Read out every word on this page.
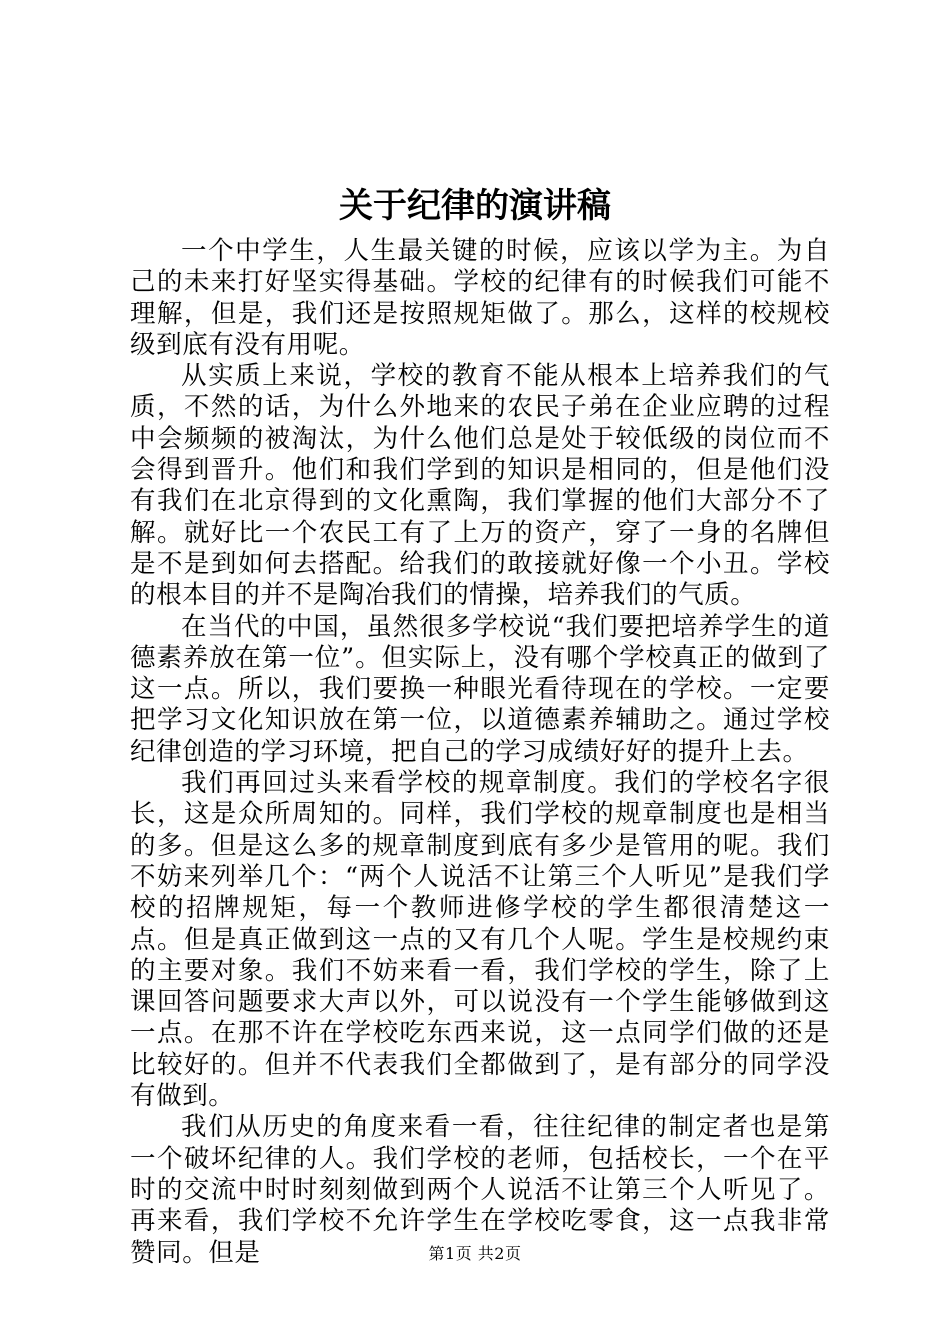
关于纪律的演讲稿

一个中学生，人生最关键的时候，应该以学为主。为自己的未来打好坚实得基础。学校的纪律有的时候我们可能不理解，但是，我们还是按照规矩做了。那么，这样的校规校级到底有没有用呢。

从实质上来说，学校的教育不能从根本上培养我们的气质，不然的话，为什么外地来的农民子弟在企业应聘的过程中会频频的被淘汰，为什么他们总是处于较低级的岗位而不会得到晋升。他们和我们学到的知识是相同的，但是他们没有我们在北京得到的文化熏陶，我们掌握的他们大部分不了解。就好比一个农民工有了上万的资产，穿了一身的名牌但是不是到如何去搭配。给我们的敢接就好像一个小丑。学校的根本目的并不是陶冶我们的情操，培养我们的气质。

在当代的中国，虽然很多学校说“我们要把培养学生的道德素养放在第一位”。但实际上，没有哪个学校真正的做到了这一点。所以，我们要换一种眼光看待现在的学校。一定要把学习文化知识放在第一位，以道德素养辅助之。通过学校纪律创造的学习环境，把自己的学习成绩好好的提升上去。

我们再回过头来看学校的规章制度。我们的学校名字很长，这是众所周知的。同样，我们学校的规章制度也是相当的多。但是这么多的规章制度到底有多少是管用的呢。我们不妨来列举几个：“两个人说活不让第三个人听见”是我们学校的招牌规矩，每一个教师进修学校的学生都很清楚这一点。但是真正做到这一点的又有几个人呢。学生是校规约束的主要对象。我们不妨来看一看，我们学校的学生，除了上课回答问题要求大声以外，可以说没有一个学生能够做到这一点。在那不许在学校吃东西来说，这一点同学们做的还是比较好的。但并不代表我们全都做到了，是有部分的同学没有做到。

我们从历史的角度来看一看，往往纪律的制定者也是第一个破坏纪律的人。我们学校的老师，包括校长，一个在平时的交流中时时刻刻做到两个人说活不让第三个人听见了。再来看，我们学校不允许学生在学校吃零食，这一点我非常赞同。但是	第1页 共2页
